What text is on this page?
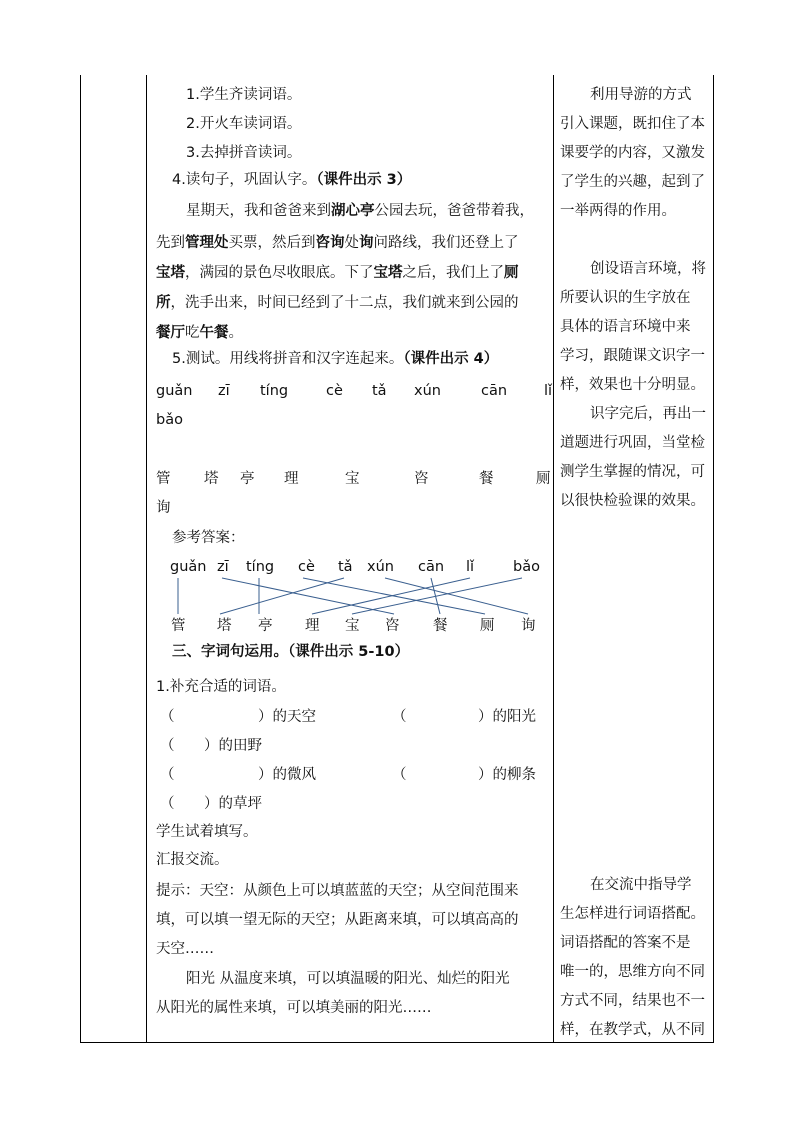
1.学生齐读词语。
2.开火车读词语。
3.去掉拼音读词。
4.读句子，巩固认字。（课件出示 3）
星期天，我和爸爸来到湖心亭公园去玩，爸爸带着我，
先到管理处买票，然后到咨询处询问路线，我们还登上了
宝塔，满园的景色尽收眼底。下了宝塔之后，我们上了厕
所，洗手出来，时间已经到了十二点，我们就来到公园的
餐厅吃午餐。
5.测试。用线将拼音和汉字连起来。（课件出示 4）
guǎn zī tíng	cè tǎ xún	cān	lǐ
bǎo
管 塔 亭 理	宝	咨	餐	厕
询
参考答案：
guǎn zī tíng cè tǎ xún cān lǐ	bǎo
管 塔 亭 理 宝 咨 餐 厕 询
三、字词句运用。（课件出示 5-10）
1.补充合适的词语。
（	）的天空	（	）的阳光
（ ）的田野
（	）的微风	（	）的柳条
（ ）的草坪
学生试着填写。
汇报交流。
提示：天空：从颜色上可以填蓝蓝的天空；从空间范围来
填，可以填一望无际的天空；从距离来填，可以填高高的
天空……
阳光 从温度来填，可以填温暖的阳光、灿烂的阳光
从阳光的属性来填，可以填美丽的阳光……
利用导游的方式
引入课题，既扣住了本
课要学的内容，又激发
了学生的兴趣，起到了
一举两得的作用。
创设语言环境，将
所要认识的生字放在
具体的语言环境中来
学习，跟随课文识字一
样，效果也十分明显。
识字完后，再出一
道题进行巩固，当堂检
测学生掌握的情况，可
以很快检验课的效果。
在交流中指导学
生怎样进行词语搭配。
词语搭配的答案不是
唯一的，思维方向不同
方式不同，结果也不一
样，在教学式，从不同
